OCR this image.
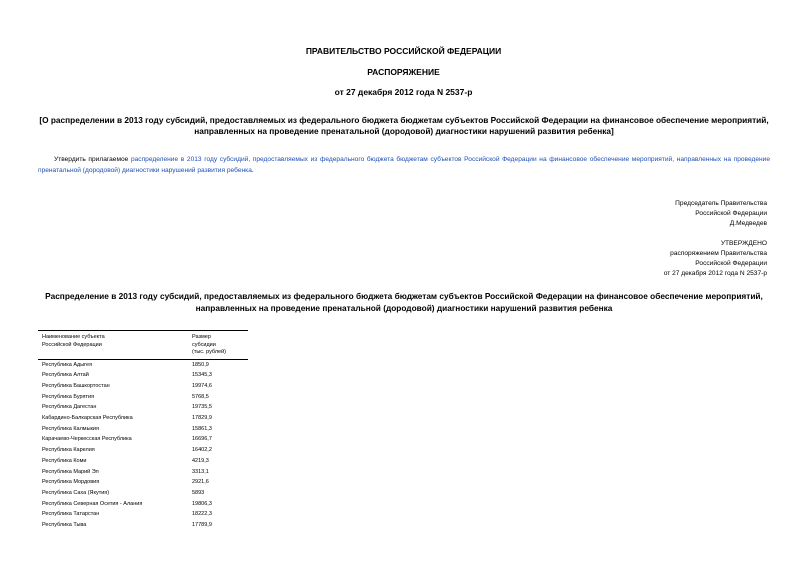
ПРАВИТЕЛЬСТВО РОССИЙСКОЙ ФЕДЕРАЦИИ
РАСПОРЯЖЕНИЕ
от 27 декабря 2012 года N 2537-р
[О распределении в 2013 году субсидий, предоставляемых из федерального бюджета бюджетам субъектов Российской Федерации на финансовое обеспечение мероприятий, направленных на проведение пренатальной (дородовой) диагностики нарушений развития ребенка]
Утвердить прилагаемое распределение в 2013 году субсидий, предоставляемых из федерального бюджета бюджетам субъектов Российской Федерации на финансовое обеспечение мероприятий, направленных на проведение пренатальной (дородовой) диагностики нарушений развития ребенка.
Председатель Правительства
Российской Федерации
Д.Медведев
УТВЕРЖДЕНО
распоряжением Правительства
Российской Федерации
от 27 декабря 2012 года N 2537-р
Распределение в 2013 году субсидий, предоставляемых из федерального бюджета бюджетам субъектов Российской Федерации на финансовое обеспечение мероприятий, направленных на проведение пренатальной (дородовой) диагностики нарушений развития ребенка
Наименование субъекта	Размер
Российской Федерации	субсидии
	(тыс. рублей)
Республика Адыгея	1850,9
Республика Алтай	15345,3
Республика Башкортостан	19974,6
Республика Бурятия	5768,5
Республика Дагестан	19735,5
Кабардино-Балкарская Республика	17829,9
Республика Калмыкия	15861,3
Карачаево-Черкесская Республика	16696,7
Республика Карелия	16402,2
Республика Коми	4219,3
Республика Марий Эл	3313,1
Республика Мордовия	2921,6
Республика Саха (Якутия)	5893
Республика Северная Осетия - Алания	19806,3
Республика Татарстан	18222,3
Республика Тыва	17789,9
